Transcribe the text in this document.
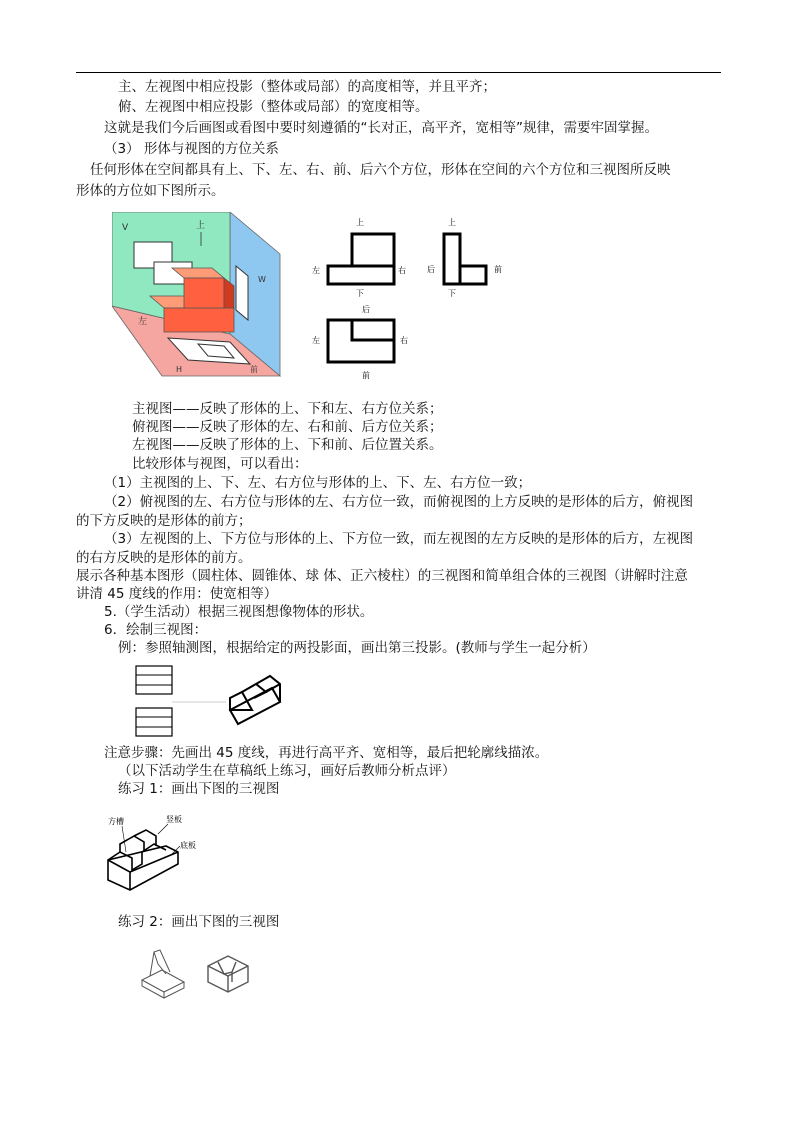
主、左视图中相应投影（整体或局部）的高度相等，并且平齐；
俯、左视图中相应投影（整体或局部）的宽度相等。
这就是我们今后画图或看图中要时刻遵循的“长对正，高平齐，宽相等”规律，需要牢固掌握。
（3） 形体与视图的方位关系
任何形体在空间都具有上、下、左、右、前、后六个方位，形体在空间的六个方位和三视图所反映
形体的方位如下图所示。
V	上
W
左
H	前
上
左	右
下
上
后	前
下
后
左	右
前
主视图——反映了形体的上、下和左、右方位关系；
俯视图——反映了形体的左、右和前、后方位关系；
左视图——反映了形体的上、下和前、后位置关系。
比较形体与视图，可以看出：
（1）主视图的上、下、左、右方位与形体的上、下、左、右方位一致；
（2）俯视图的左、右方位与形体的左、右方位一致，而俯视图的上方反映的是形体的后方，俯视图
的下方反映的是形体的前方；
（3）左视图的上、下方位与形体的上、下方位一致，而左视图的左方反映的是形体的后方，左视图
的右方反映的是形体的前方。
展示各种基本图形（圆柱体、圆锥体、球 体、正六棱柱）的三视图和简单组合体的三视图（讲解时注意
讲清 45 度线的作用：使宽相等）
5.（学生活动）根据三视图想像物体的形状。
6．绘制三视图：
例：参照轴测图，根据给定的两投影面，画出第三投影。(教师与学生一起分析）
注意步骤：先画出 45 度线，再进行高平齐、宽相等，最后把轮廓线描浓。
（以下活动学生在草稿纸上练习，画好后教师分析点评）
练习 1：画出下图的三视图
方槽	竖板
底板
练习 2：画出下图的三视图
